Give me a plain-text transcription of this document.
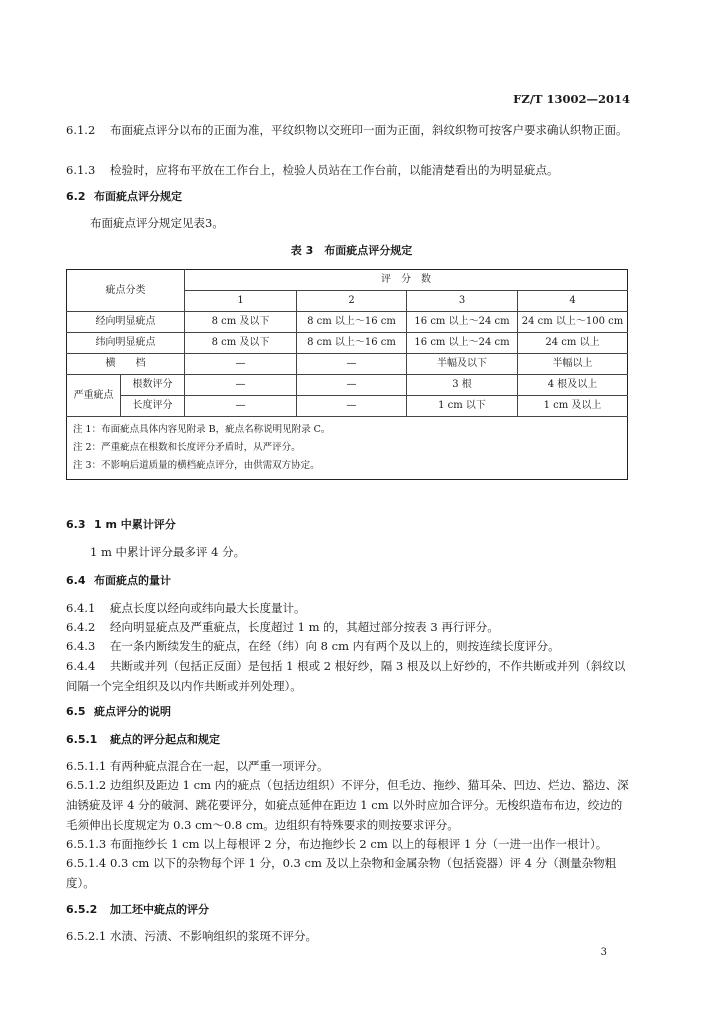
FZ/T 13002—2014
6.1.2 布面疵点评分以布的正面为准，平纹织物以交班印一面为正面，斜纹织物可按客户要求确认织物正面。
6.1.3 检验时，应将布平放在工作台上，检验人员站在工作台前，以能清楚看出的为明显疵点。
6.2 布面疵点评分规定
布面疵点评分规定见表3。
表 3　布面疵点评分规定
疵点分类		评　分　数			
		1	2	3	4
经向明显疵点		8 cm 及以下	8 cm 以上～16 cm	16 cm 以上～24 cm	24 cm 以上～100 cm
纬向明显疵点		8 cm 及以下	8 cm 以上～16 cm	16 cm 以上～24 cm	24 cm 以上
横　　档		—	—	半幅及以下	半幅以上
严重疵点	根数评分	—	—	3 根	4 根及以上
	长度评分	—	—	1 cm 以下	1 cm 及以上

注 1：布面疵点具体内容见附录 B，疵点名称说明见附录 C。
注 2：严重疵点在根数和长度评分矛盾时，从严评分。
注 3：不影响后道质量的横档疵点评分，由供需双方协定。					
6.3 1 m 中累计评分
1 m 中累计评分最多评 4 分。
6.4 布面疵点的量计
6.4.1 疵点长度以经向或纬向最大长度量计。
6.4.2 经向明显疵点及严重疵点，长度超过 1 m 的，其超过部分按表 3 再行评分。
6.4.3 在一条内断续发生的疵点，在经（纬）向 8 cm 内有两个及以上的，则按连续长度评分。
6.4.4 共断或并列（包括正反面）是包括 1 根或 2 根好纱，隔 3 根及以上好纱的，不作共断或并列（斜纹以间隔一个完全组织及以内作共断或并列处理）。
6.5 疵点评分的说明
6.5.1 疵点的评分起点和规定
6.5.1.1 有两种疵点混合在一起，以严重一项评分。
6.5.1.2 边组织及距边 1 cm 内的疵点（包括边组织）不评分，但毛边、拖纱、猫耳朵、凹边、烂边、豁边、深油锈疵及评 4 分的破洞、跳花要评分，如疵点延伸在距边 1 cm 以外时应加合评分。无梭织造布布边，绞边的毛须伸出长度规定为 0.3 cm～0.8 cm。边组织有特殊要求的则按要求评分。
6.5.1.3 布面拖纱长 1 cm 以上每根评 2 分，布边拖纱长 2 cm 以上的每根评 1 分（一进一出作一根计）。
6.5.1.4 0.3 cm 以下的杂物每个评 1 分，0.3 cm 及以上杂物和金属杂物（包括瓷器）评 4 分（测量杂物粗度）。
6.5.2 加工坯中疵点的评分
6.5.2.1 水渍、污渍、不影响组织的浆斑不评分。
3
